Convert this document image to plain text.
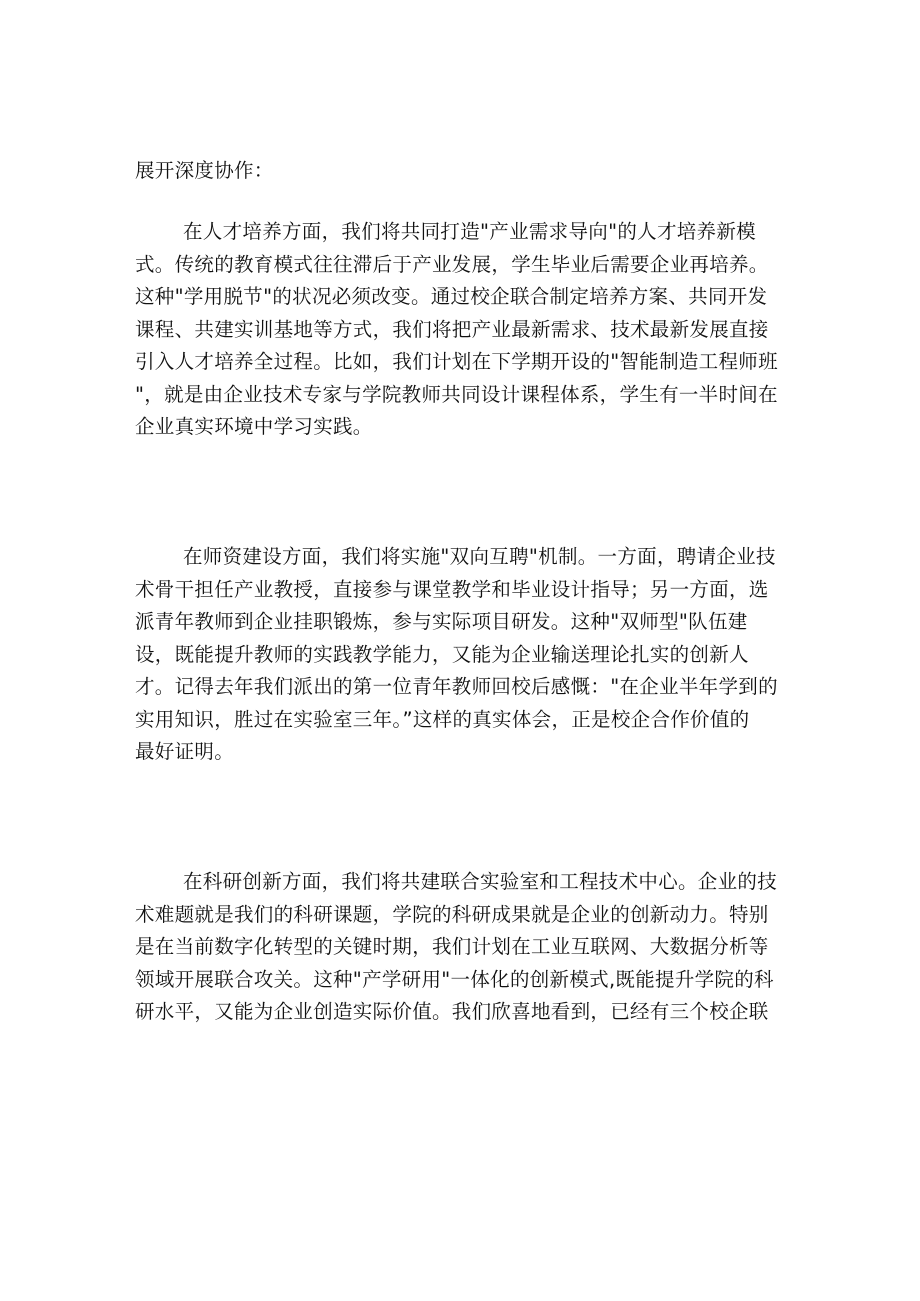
展开深度协作：
在人才培养方面，我们将共同打造"产业需求导向"的人才培养新模
式。传统的教育模式往往滞后于产业发展，学生毕业后需要企业再培养。
这种"学用脱节"的状况必须改变。通过校企联合制定培养方案、共同开发
课程、共建实训基地等方式，我们将把产业最新需求、技术最新发展直接
引入人才培养全过程。比如，我们计划在下学期开设的"智能制造工程师班
"，就是由企业技术专家与学院教师共同设计课程体系，学生有一半时间在
企业真实环境中学习实践。
在师资建设方面，我们将实施"双向互聘"机制。一方面，聘请企业技
术骨干担任产业教授，直接参与课堂教学和毕业设计指导；另一方面，选
派青年教师到企业挂职锻炼，参与实际项目研发。这种"双师型"队伍建
设，既能提升教师的实践教学能力，又能为企业输送理论扎实的创新人
才。记得去年我们派出的第一位青年教师回校后感慨："在企业半年学到的
实用知识，胜过在实验室三年。”这样的真实体会，正是校企合作价值的
最好证明。
在科研创新方面，我们将共建联合实验室和工程技术中心。企业的技
术难题就是我们的科研课题，学院的科研成果就是企业的创新动力。特别
是在当前数字化转型的关键时期，我们计划在工业互联网、大数据分析等
领域开展联合攻关。这种"产学研用"一体化的创新模式,既能提升学院的科
研水平，又能为企业创造实际价值。我们欣喜地看到，已经有三个校企联
